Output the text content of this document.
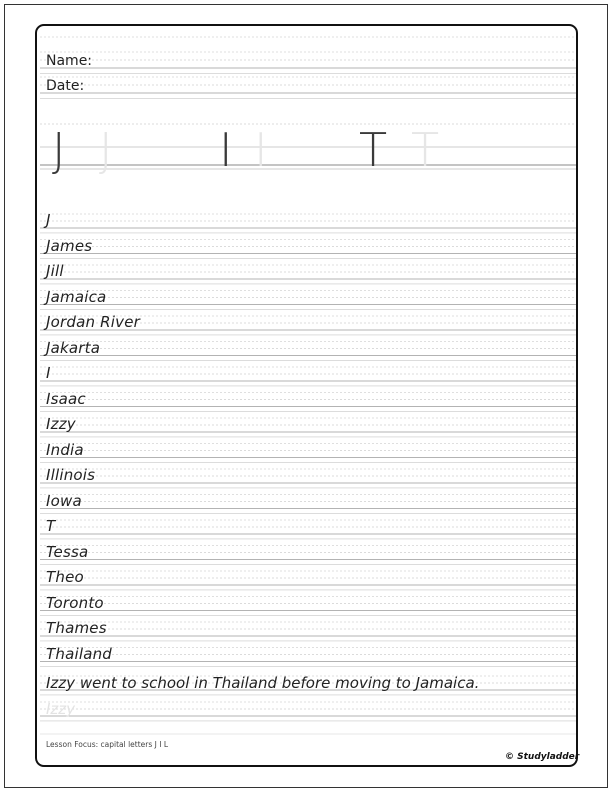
Name:
Date:
J J I I T T
J
James
Jill
Jamaica
Jordan River
Jakarta
I
Isaac
Izzy
India
Illinois
Iowa
T
Tessa
Theo
Toronto
Thames
Thailand
Izzy went to school in Thailand before moving to Jamaica.
Izzy
Lesson Focus: capital letters J I L
© Studyladder
